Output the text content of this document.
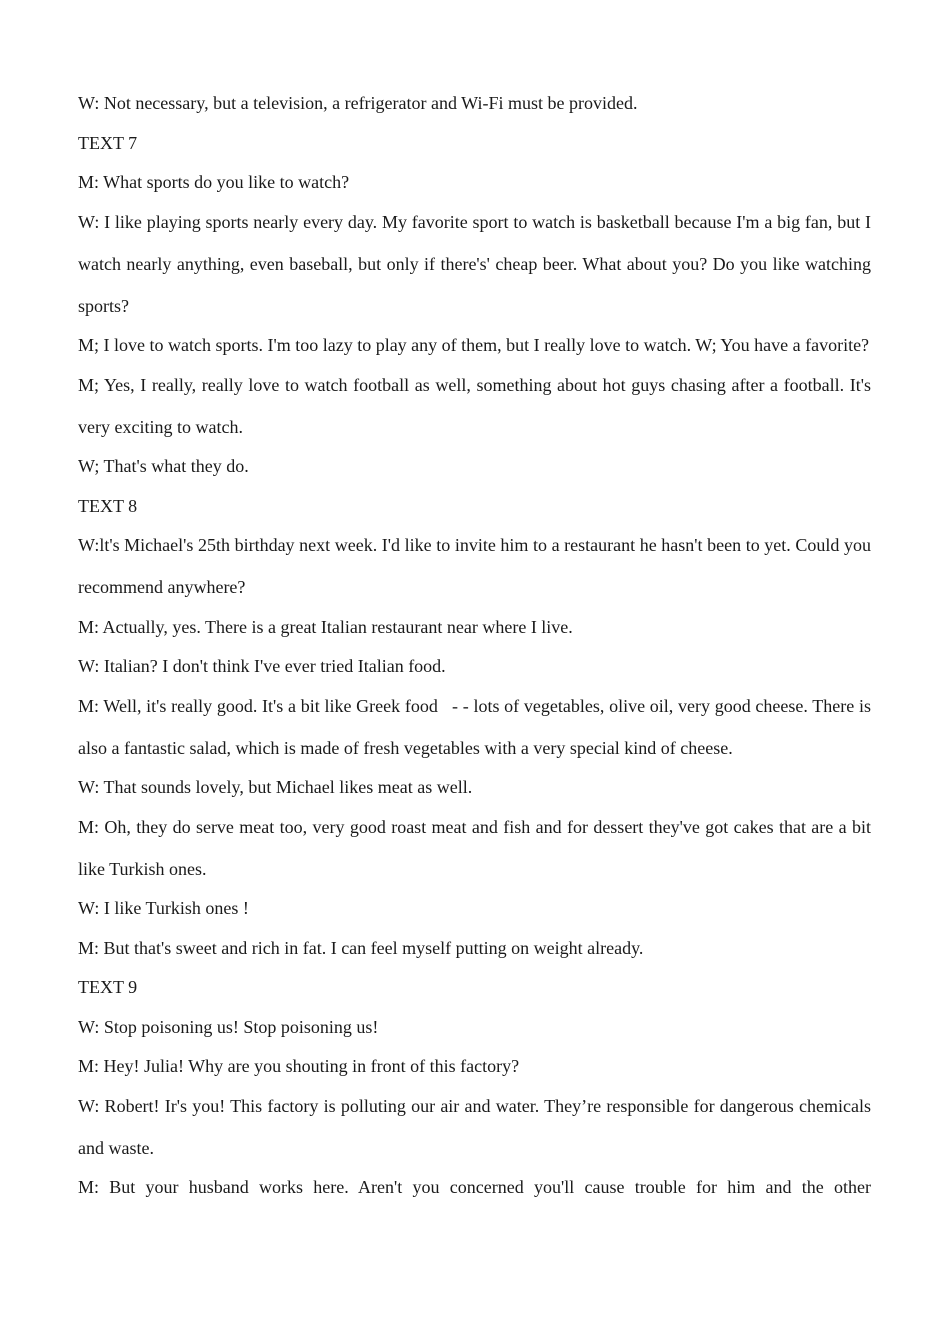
W: Not necessary, but a television, a refrigerator and Wi-Fi must be provided.

TEXT 7

M: What sports do you like to watch?

W: I like playing sports nearly every day. My favorite sport to watch is basketball because I'm a big fan, but I watch nearly anything, even baseball, but only if there's' cheap beer. What about you? Do you like watching sports?

M; I love to watch sports. I'm too lazy to play any of them, but I really love to watch. W; You have a favorite?

M; Yes, I really, really love to watch football as well, something about hot guys chasing after a football. It's very exciting to watch.

W; That's what they do.

TEXT 8

W:lt's Michael's 25th birthday next week. I'd like to invite him to a restaurant he hasn't been to yet. Could you recommend anywhere?

M: Actually, yes. There is a great Italian restaurant near where I live.

W: Italian? I don't think I've ever tried Italian food.

M: Well, it's really good. It's a bit like Greek food   - - lots of vegetables, olive oil, very good cheese. There is also a fantastic salad, which is made of fresh vegetables with a very special kind of cheese.

W: That sounds lovely, but Michael likes meat as well.

M: Oh, they do serve meat too, very good roast meat and fish and for dessert they've got cakes that are a bit like Turkish ones.

W: I like Turkish ones !

M: But that's sweet and rich in fat. I can feel myself putting on weight already.

TEXT 9

W: Stop poisoning us! Stop poisoning us!

M: Hey! Julia! Why are you shouting in front of this factory?

W: Robert! Ir's you! This factory is polluting our air and water. They’re responsible for dangerous chemicals and waste.

M: But your husband works here. Aren't you concerned you'll cause trouble for him and the other
